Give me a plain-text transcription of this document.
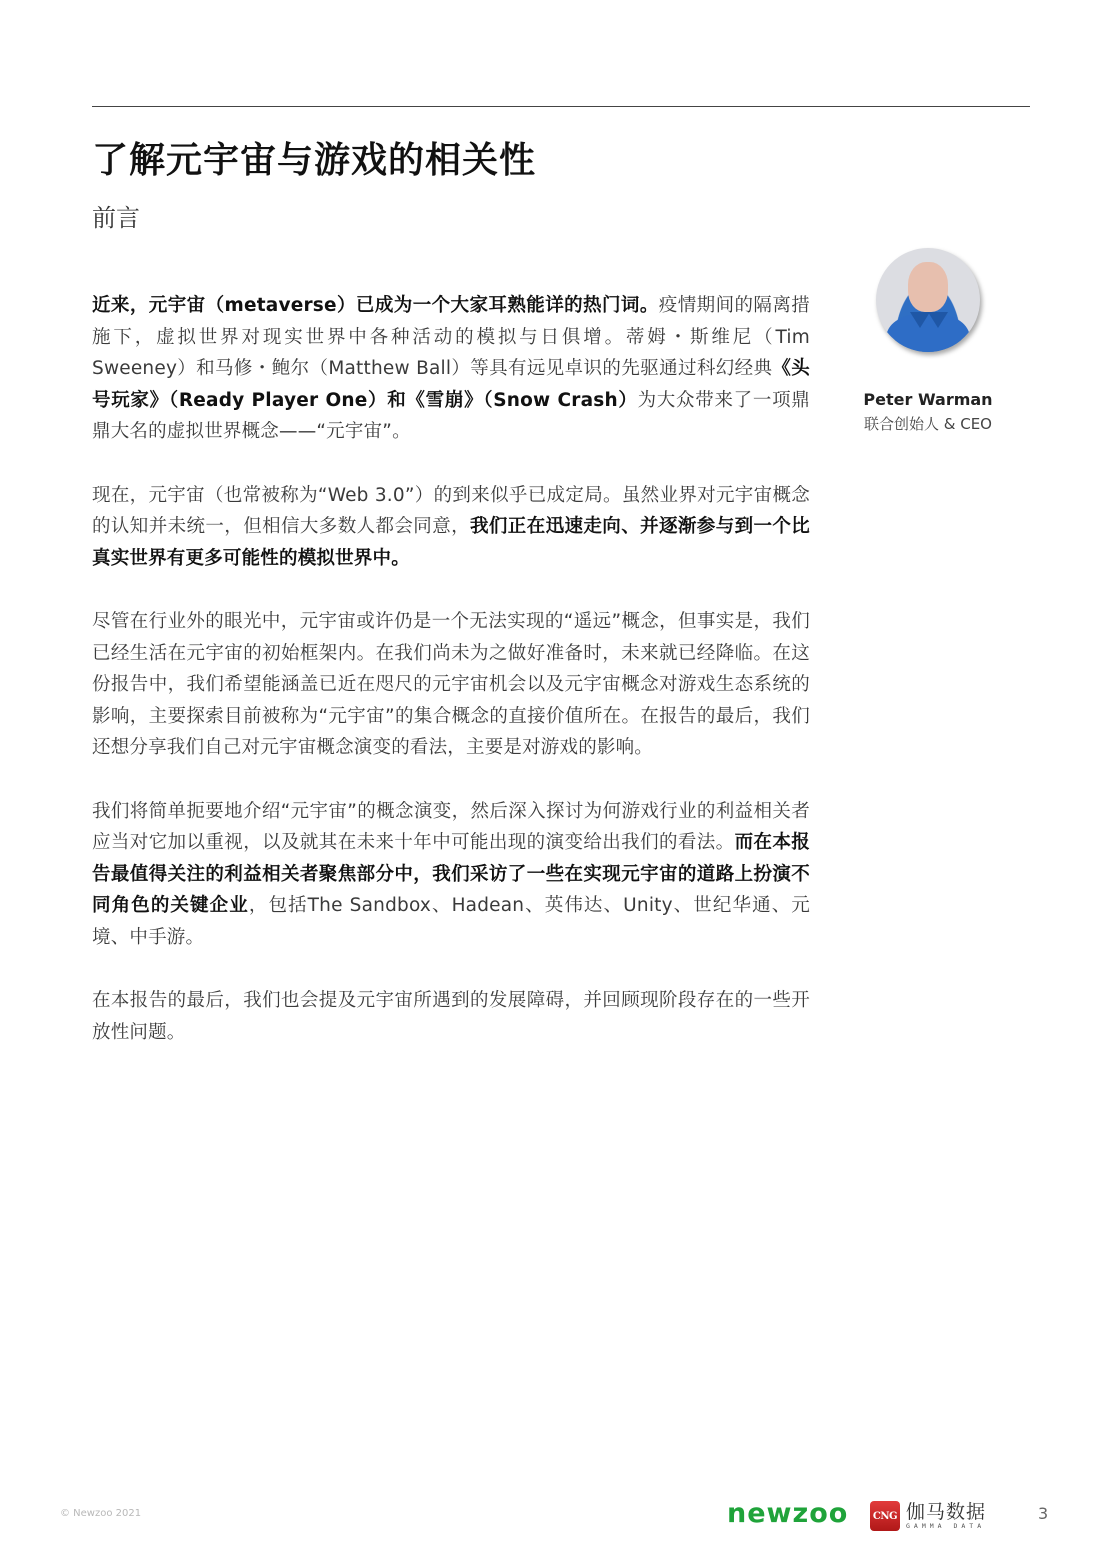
了解元宇宙与游戏的相关性
前言

近来，元宇宙（metaverse）已成为一个大家耳熟能详的热门词。疫情期间的隔离措施下，虚拟世界对现实世界中各种活动的模拟与日俱增。蒂姆・斯维尼（Tim Sweeney）和马修・鲍尔（Matthew Ball）等具有远见卓识的先驱通过科幻经典《头号玩家》（Ready Player One）和《雪崩》（Snow Crash）为大众带来了一项鼎鼎大名的虚拟世界概念——“元宇宙”。

现在，元宇宙（也常被称为“Web 3.0”）的到来似乎已成定局。虽然业界对元宇宙概念的认知并未统一，但相信大多数人都会同意，我们正在迅速走向、并逐渐参与到一个比真实世界有更多可能性的模拟世界中。

尽管在行业外的眼光中，元宇宙或许仍是一个无法实现的“遥远”概念，但事实是，我们已经生活在元宇宙的初始框架内。在我们尚未为之做好准备时，未来就已经降临。在这份报告中，我们希望能涵盖已近在咫尺的元宇宙机会以及元宇宙概念对游戏生态系统的影响，主要探索目前被称为“元宇宙”的集合概念的直接价值所在。在报告的最后，我们还想分享我们自己对元宇宙概念演变的看法，主要是对游戏的影响。

我们将简单扼要地介绍“元宇宙”的概念演变，然后深入探讨为何游戏行业的利益相关者应当对它加以重视，以及就其在未来十年中可能出现的演变给出我们的看法。而在本报告最值得关注的利益相关者聚焦部分中，我们采访了一些在实现元宇宙的道路上扮演不同角色的关键企业，包括The Sandbox、Hadean、英伟达、Unity、世纪华通、元境、中手游。

在本报告的最后，我们也会提及元宇宙所遇到的发展障碍，并回顾现阶段存在的一些开放性问题。

Peter Warman
联合创始人 & CEO
© Newzoo 2021	newzoo CNG 伽马数据
GAMMA DATA
3
